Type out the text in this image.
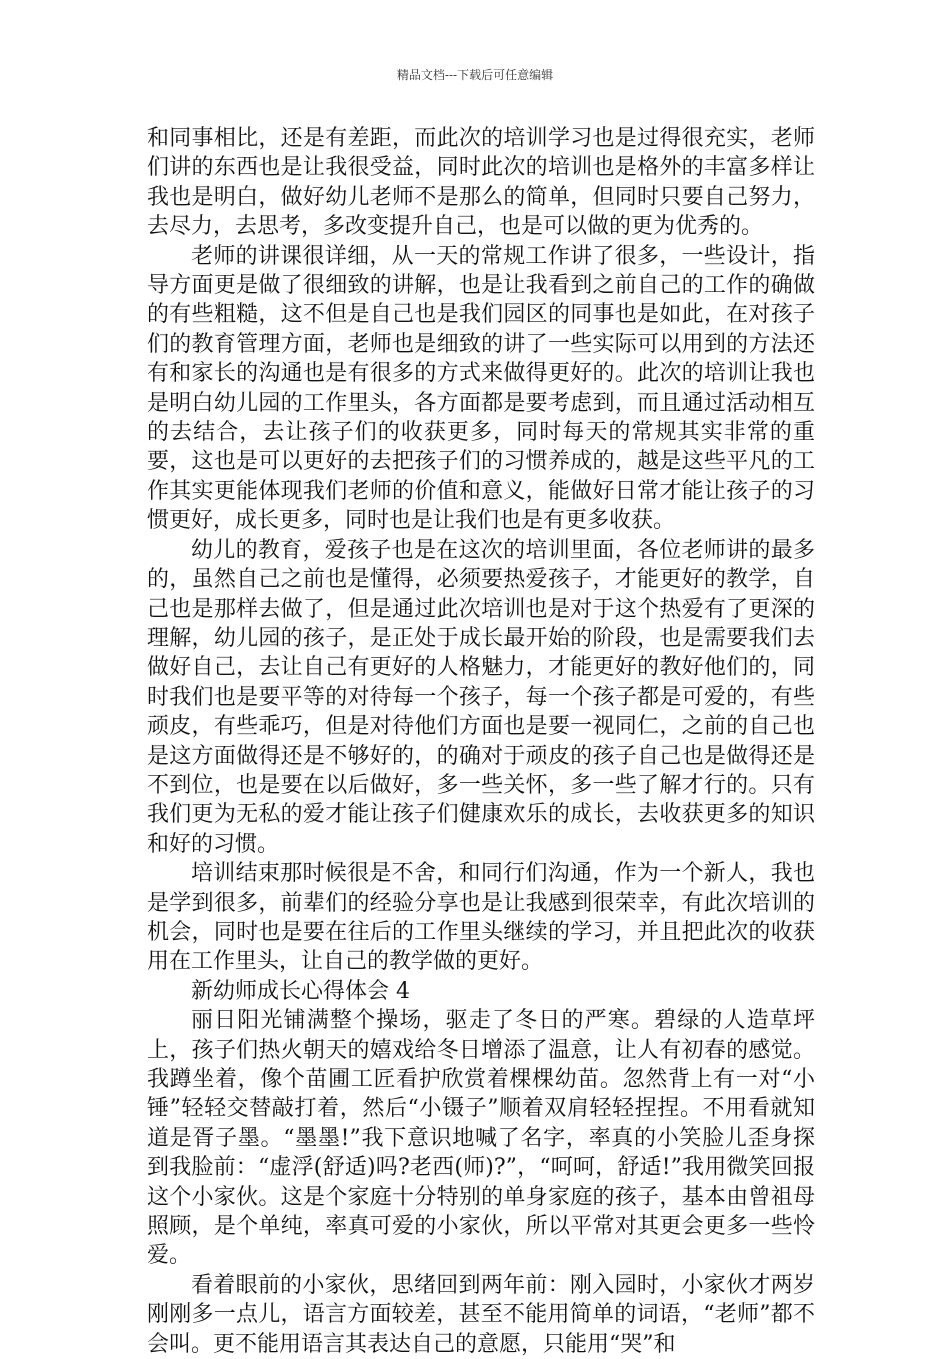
精品文档---下载后可任意编辑

和同事相比，还是有差距，而此次的培训学习也是过得很充实，老师们讲的东西也是让我很受益，同时此次的培训也是格外的丰富多样让我也是明白，做好幼儿老师不是那么的简单，但同时只要自己努力，去尽力，去思考，多改变提升自己，也是可以做的更为优秀的。

老师的讲课很详细，从一天的常规工作讲了很多，一些设计，指导方面更是做了很细致的讲解，也是让我看到之前自己的工作的确做的有些粗糙，这不但是自己也是我们园区的同事也是如此，在对孩子们的教育管理方面，老师也是细致的讲了一些实际可以用到的方法还有和家长的沟通也是有很多的方式来做得更好的。此次的培训让我也是明白幼儿园的工作里头，各方面都是要考虑到，而且通过活动相互的去结合，去让孩子们的收获更多，同时每天的常规其实非常的重要，这也是可以更好的去把孩子们的习惯养成的，越是这些平凡的工作其实更能体现我们老师的价值和意义，能做好日常才能让孩子的习惯更好，成长更多，同时也是让我们也是有更多收获。

幼儿的教育，爱孩子也是在这次的培训里面，各位老师讲的最多的，虽然自己之前也是懂得，必须要热爱孩子，才能更好的教学，自己也是那样去做了，但是通过此次培训也是对于这个热爱有了更深的理解，幼儿园的孩子，是正处于成长最开始的阶段，也是需要我们去做好自己，去让自己有更好的人格魅力，才能更好的教好他们的，同时我们也是要平等的对待每一个孩子，每一个孩子都是可爱的，有些顽皮，有些乖巧，但是对待他们方面也是要一视同仁，之前的自己也是这方面做得还是不够好的，的确对于顽皮的孩子自己也是做得还是不到位，也是要在以后做好，多一些关怀，多一些了解才行的。只有我们更为无私的爱才能让孩子们健康欢乐的成长，去收获更多的知识和好的习惯。

培训结束那时候很是不舍，和同行们沟通，作为一个新人，我也是学到很多，前辈们的经验分享也是让我感到很荣幸，有此次培训的机会，同时也是要在往后的工作里头继续的学习，并且把此次的收获用在工作里头，让自己的教学做的更好。

新幼师成长心得体会 4

丽日阳光铺满整个操场，驱走了冬日的严寒。碧绿的人造草坪上，孩子们热火朝天的嬉戏给冬日增添了温意，让人有初春的感觉。我蹲坐着，像个苗圃工匠看护欣赏着棵棵幼苗。忽然背上有一对“小锤”轻轻交替敲打着，然后“小镊子”顺着双肩轻轻捏捏。不用看就知道是胥子墨。“墨墨!”我下意识地喊了名字，率真的小笑脸儿歪身探到我脸前：“虚浮(舒适)吗?老西(师)?”，“呵呵，舒适!”我用微笑回报这个小家伙。这是个家庭十分特别的单身家庭的孩子，基本由曾祖母照顾，是个单纯，率真可爱的小家伙，所以平常对其更会更多一些怜爱。

看着眼前的小家伙，思绪回到两年前：刚入园时，小家伙才两岁刚刚多一点儿，语言方面较差，甚至不能用简单的词语，“老师”都不会叫。更不能用语言其表达自己的意愿，只能用“哭”和
